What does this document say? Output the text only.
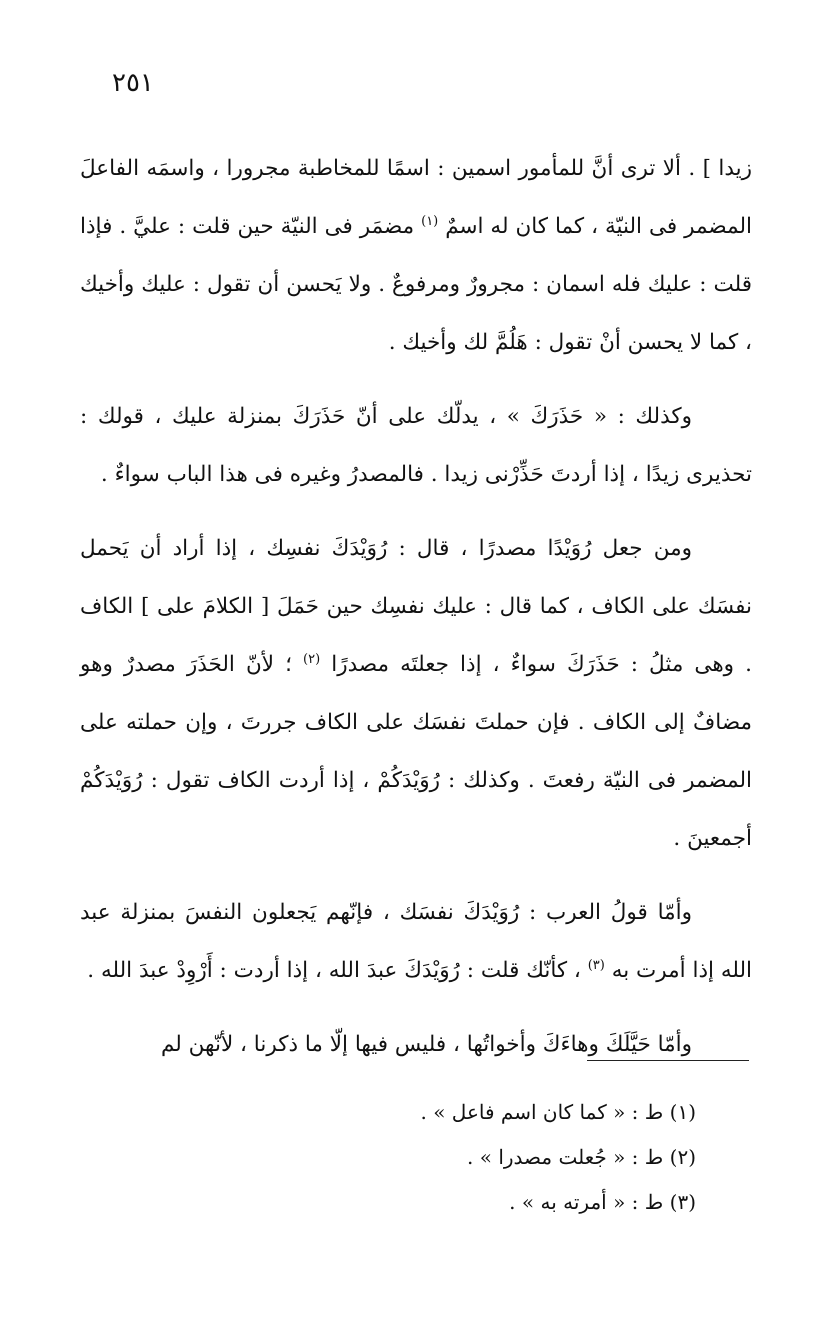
٢٥١

زيدا ] . ألا ترى أنَّ للمأمور اسمين : اسمًا للمخاطبة مجرورا ، واسمَه الفاعلَ المضمر فى النيّة ، كما كان له اسمٌ $^{(١)}$ مضمَر فى النيّة حين قلت : عليَّ . فإذا قلت : عليك فله اسمان : مجرورٌ ومرفوعٌ . ولا يَحسن أن تقول : عليك وأخيك ، كما لا يحسن أنْ تقول : هَلُمَّ لك وأخيك .

وكذلك : « حَذَرَكَ » ، يدلّك على أنّ حَذَرَكَ بمنزلة عليك ، قولك : تحذيرى زيدًا ، إذا أردتَ حَذِّرْنى زيدا . فالمصدرُ وغيره فى هذا الباب سواءٌ .

ومن جعل رُوَيْدًا مصدرًا ، قال : رُوَيْدَكَ نفسِك ، إذا أراد أن يَحمل نفسَك على الكاف ، كما قال : عليك نفسِك حين حَمَلَ [ الكلامَ على ] الكاف . وهى مثلُ : حَذَرَكَ سواءٌ ، إذا جعلتَه مصدرًا $^{(٢)}$ ؛ لأنّ الحَذَرَ مصدرٌ وهو مضافٌ إلى الكاف . فإن حملتَ نفسَك على الكاف جررتَ ، وإن حملته على المضمر فى النيّة رفعتَ . وكذلك : رُوَيْدَكُمْ ، إذا أردت الكاف تقول : رُوَيْدَكُمْ أجمعينَ .

وأمّا قولُ العرب : رُوَيْدَكَ نفسَك ، فإنّهم يَجعلون النفسَ بمنزلة عبد الله إذا أمرت به $^{(٣)}$ ، كأنّك قلت : رُوَيْدَكَ عبدَ الله ، إذا أردت : أَرْوِدْ عبدَ الله .

وأمّا حَيَّلَكَ وهاءَكَ وأخواتُها ، فليس فيها إلّا ما ذكرنا ، لأنّهن لم

(١) ط : « كما كان اسم فاعل » .
(٢) ط : « جُعلت مصدرا » .
(٣) ط : « أمرته به » .
